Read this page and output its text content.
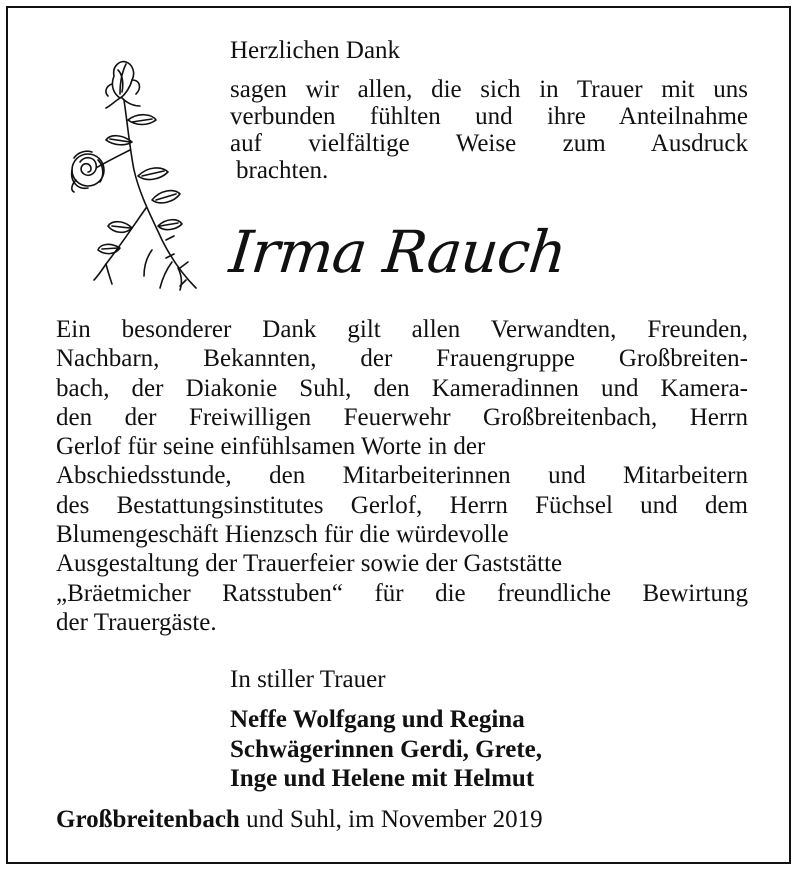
Herzlichen Dank
sagen wir allen, die sich in Trauer mit uns
verbunden fühlten und ihre Anteilnahme
auf vielfältige Weise zum Ausdruck
brachten.
Irma Rauch
Ein besonderer Dank gilt allen Verwandten, Freunden,
Nachbarn, Bekannten, der Frauengruppe Großbreiten-
bach, der Diakonie Suhl, den Kameradinnen und Kamera-
den der Freiwilligen Feuerwehr Großbreitenbach, Herrn
Gerlof für seine einfühlsamen Worte in der
Abschiedsstunde, den Mitarbeiterinnen und Mitarbeitern
des Bestattungsinstitutes Gerlof, Herrn Füchsel und dem
Blumengeschäft Hienzsch für die würdevolle
Ausgestaltung der Trauerfeier sowie der Gaststätte
„Bräetmicher Ratsstuben“ für die freundliche Bewirtung
der Trauergäste.
In stiller Trauer
Neffe Wolfgang und Regina
Schwägerinnen Gerdi, Grete,
Inge und Helene mit Helmut
Großbreitenbach und Suhl, im November 2019
